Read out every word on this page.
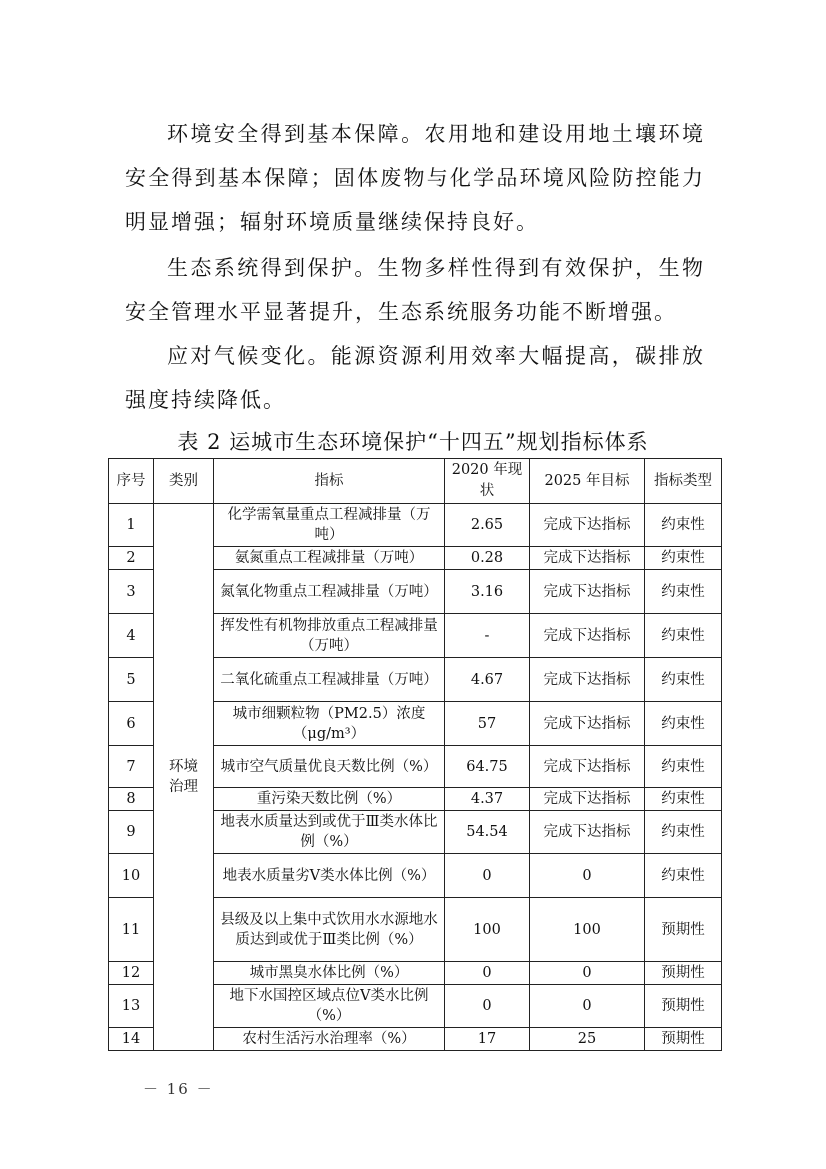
环境安全得到基本保障。农用地和建设用地土壤环境安全得到基本保障；固体废物与化学品环境风险防控能力明显增强；辐射环境质量继续保持良好。

生态系统得到保护。生物多样性得到有效保护，生物安全管理水平显著提升，生态系统服务功能不断增强。

应对气候变化。能源资源利用效率大幅提高，碳排放强度持续降低。

表 2 运城市生态环境保护“十四五”规划指标体系

序号	类别	指标	2020 年现状	2025 年目标	指标类型
1	环境治理	化学需氧量重点工程减排量（万吨）	2.65	完成下达指标	约束性
2		氨氮重点工程减排量（万吨）	0.28	完成下达指标	约束性
3		氮氧化物重点工程减排量（万吨）	3.16	完成下达指标	约束性
4		挥发性有机物排放重点工程减排量（万吨）	-	完成下达指标	约束性
5		二氧化硫重点工程减排量（万吨）	4.67	完成下达指标	约束性
6		城市细颗粒物（PM2.5）浓度（μg/m³）	57	完成下达指标	约束性
7		城市空气质量优良天数比例（%）	64.75	完成下达指标	约束性
8		重污染天数比例（%）	4.37	完成下达指标	约束性
9		地表水质量达到或优于Ⅲ类水体比例（%）	54.54	完成下达指标	约束性
10		地表水质量劣Ⅴ类水体比例（%）	0	0	约束性
11		县级及以上集中式饮用水水源地水质达到或优于Ⅲ类比例（%）	100	100	预期性
12		城市黑臭水体比例（%）	0	0	预期性
13		地下水国控区域点位Ⅴ类水比例（%）	0	0	预期性
14		农村生活污水治理率（%）	17	25	预期性
－ 16 －
